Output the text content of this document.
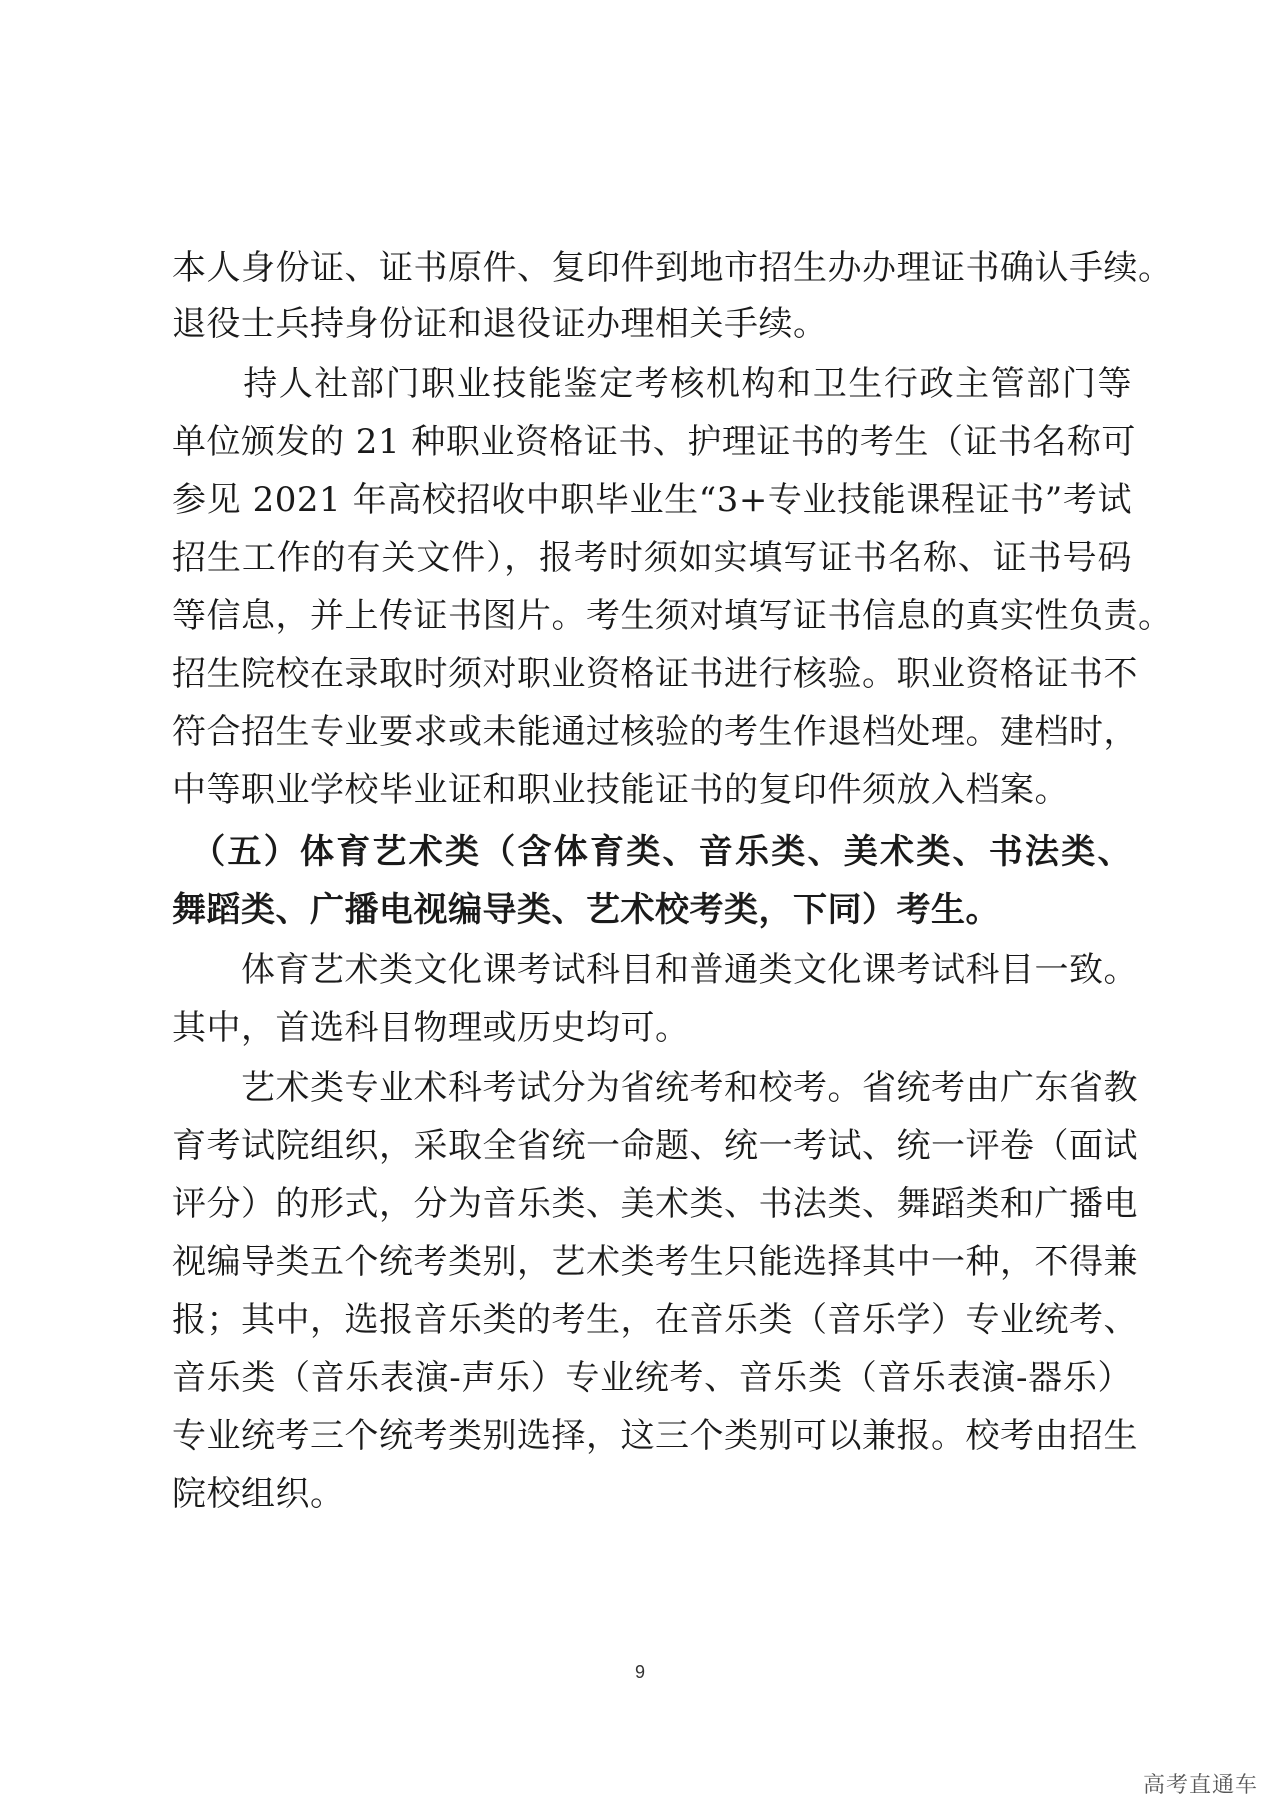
本人身份证、证书原件、复印件到地市招生办办理证书确认手续。
退役士兵持身份证和退役证办理相关手续。
　　持人社部门职业技能鉴定考核机构和卫生行政主管部门等
单位颁发的 21 种职业资格证书、护理证书的考生（证书名称可
参见 2021 年高校招收中职毕业生“3+专业技能课程证书”考试
招生工作的有关文件），报考时须如实填写证书名称、证书号码
等信息，并上传证书图片。考生须对填写证书信息的真实性负责。
招生院校在录取时须对职业资格证书进行核验。职业资格证书不
符合招生专业要求或未能通过核验的考生作退档处理。建档时，
中等职业学校毕业证和职业技能证书的复印件须放入档案。
　（五）体育艺术类（含体育类、音乐类、美术类、书法类、
舞蹈类、广播电视编导类、艺术校考类，下同）考生。
　　体育艺术类文化课考试科目和普通类文化课考试科目一致。
其中，首选科目物理或历史均可。
　　艺术类专业术科考试分为省统考和校考。省统考由广东省教
育考试院组织，采取全省统一命题、统一考试、统一评卷（面试
评分）的形式，分为音乐类、美术类、书法类、舞蹈类和广播电
视编导类五个统考类别，艺术类考生只能选择其中一种，不得兼
报；其中，选报音乐类的考生，在音乐类（音乐学）专业统考、
音乐类（音乐表演-声乐）专业统考、音乐类（音乐表演-器乐）
专业统考三个统考类别选择，这三个类别可以兼报。校考由招生
院校组织。
9
高考直通车
